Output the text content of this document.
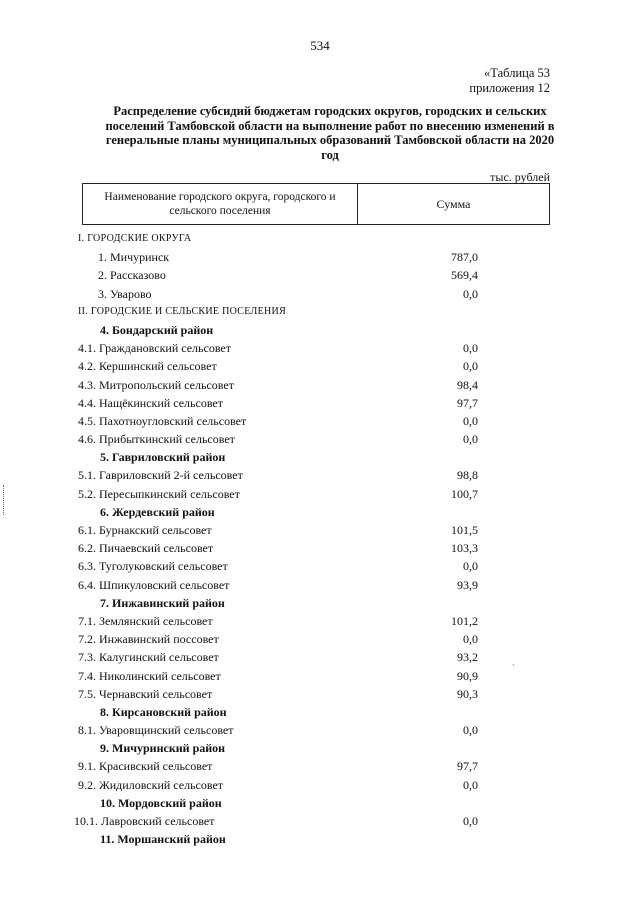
534
«Таблица 53
приложения 12
Распределение субсидий бюджетам городских округов, городских и сельских поселений Тамбовской области на выполнение работ по внесению изменений в генеральные планы муниципальных образований Тамбовской области на 2020 год
тыс. рублей
Наименование городского округа, городского и сельского поселения
Сумма
I. ГОРОДСКИЕ ОКРУГА
1. Мичуринск	787,0
2. Рассказово	569,4
3. Уварово	0,0
II. ГОРОДСКИЕ И СЕЛЬСКИЕ ПОСЕЛЕНИЯ
4. Бондарский район
4.1. Граждановский сельсовет	0,0
4.2. Кершинский сельсовет	0,0
4.3. Митропольский сельсовет	98,4
4.4. Нащёкинский сельсовет	97,7
4.5. Пахотноугловский сельсовет	0,0
4.6. Прибыткинский сельсовет	0,0
5. Гавриловский район
5.1. Гавриловский 2-й сельсовет	98,8
5.2. Пересыпкинский сельсовет	100,7
6. Жердевский район
6.1. Бурнакский сельсовет	101,5
6.2. Пичаевский сельсовет	103,3
6.3. Туголуковский сельсовет	0,0
6.4. Шпикуловский сельсовет	93,9
7. Инжавинский район
7.1. Землянский сельсовет	101,2
7.2. Инжавинский поссовет	0,0
7.3. Калугинский сельсовет	93,2
7.4. Николинский сельсовет	90,9
7.5. Чернавский сельсовет	90,3
8. Кирсановский район
8.1. Уваровщинский сельсовет	0,0
9. Мичуринский район
9.1. Красивский сельсовет	97,7
9.2. Жидиловский сельсовет	0,0
10. Мордовский район
10.1. Лавровский сельсовет	0,0
11. Моршанский район
ˋ
